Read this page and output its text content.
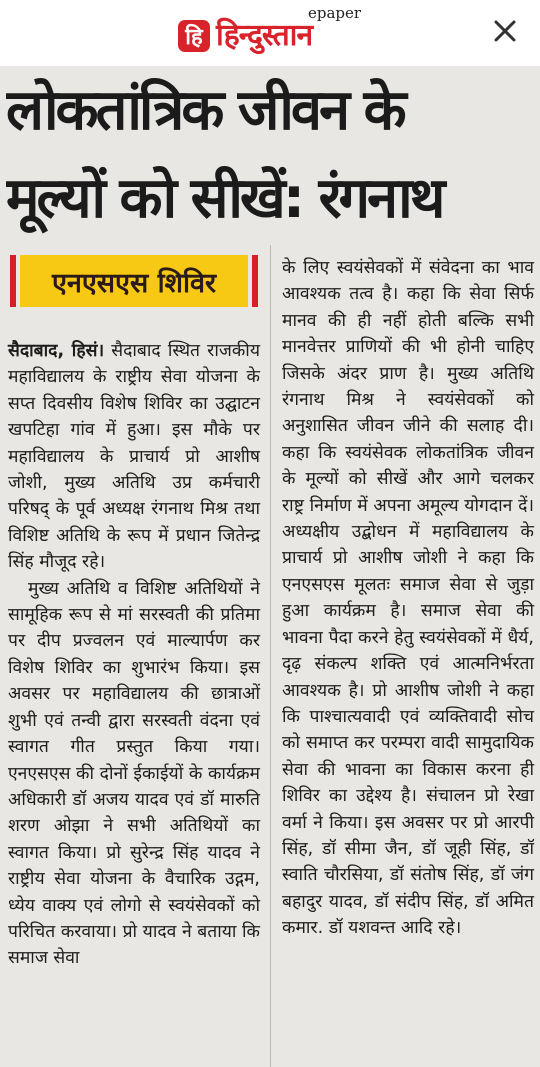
हि हिन्दुस्तान
epaper
लोकतांत्रिक जीवन के
मूल्यों को सीखें: रंगनाथ
एनएसएस शिविर

सैदाबाद, हिसं। सैदाबाद स्थित राजकीय महाविद्यालय के राष्ट्रीय सेवा योजना के सप्त दिवसीय विशेष शिविर का उद्घाटन खपटिहा गांव में हुआ। इस मौके पर महाविद्यालय के प्राचार्य प्रो आशीष जोशी, मुख्य अतिथि उप्र कर्मचारी परिषद् के पूर्व अध्यक्ष रंगनाथ मिश्र तथा विशिष्ट अतिथि के रूप में प्रधान जितेन्द्र सिंह मौजूद रहे।

मुख्य अतिथि व विशिष्ट अतिथियों ने सामूहिक रूप से मां सरस्वती की प्रतिमा पर दीप प्रज्वलन एवं माल्यार्पण कर विशेष शिविर का शुभारंभ किया। इस अवसर पर महाविद्यालय की छात्राओं शुभी एवं तन्वी द्वारा सरस्वती वंदना एवं स्वागत गीत प्रस्तुत किया गया। एनएसएस की दोनों ईकाईयों के कार्यक्रम अधिकारी डॉ अजय यादव एवं डॉ मारुति शरण ओझा ने सभी अतिथियों का स्वागत किया। प्रो सुरेन्द्र सिंह यादव ने राष्ट्रीय सेवा योजना के वैचारिक उद्गम, ध्येय वाक्य एवं लोगो से स्वयंसेवकों को परिचित करवाया। प्रो यादव ने बताया कि समाज सेवा

के लिए स्वयंसेवकों में संवेदना का भाव आवश्यक तत्व है। कहा कि सेवा सिर्फ मानव की ही नहीं होती बल्कि सभी मानवेत्तर प्राणियों की भी होनी चाहिए जिसके अंदर प्राण है। मुख्य अतिथि रंगनाथ मिश्र ने स्वयंसेवकों को अनुशासित जीवन जीने की सलाह दी। कहा कि स्वयंसेवक लोकतांत्रिक जीवन के मूल्यों को सीखें और आगे चलकर राष्ट्र निर्माण में अपना अमूल्य योगदान दें।अध्यक्षीय उद्बोधन में महाविद्यालय के प्राचार्य प्रो आशीष जोशी ने कहा कि एनएसएस मूलतः समाज सेवा से जुड़ा हुआ कार्यक्रम है। समाज सेवा की भावना पैदा करने हेतु स्वयंसेवकों में धैर्य, दृढ़ संकल्प शक्ति एवं आत्मनिर्भरता आवश्यक है। प्रो आशीष जोशी ने कहा कि पाश्चात्यवादी एवं व्यक्तिवादी सोच को समाप्त कर परम्परा वादी सामुदायिक सेवा की भावना का विकास करना ही शिविर का उद्देश्य है। संचालन प्रो रेखा वर्मा ने किया। इस अवसर पर प्रो आरपी सिंह, डॉ सीमा जैन, डॉ जूही सिंह, डॉ स्वाति चौरसिया, डॉ संतोष सिंह, डॉ जंग बहादुर यादव, डॉ संदीप सिंह, डॉ अमित कमार. डॉ यशवन्त आदि रहे।
